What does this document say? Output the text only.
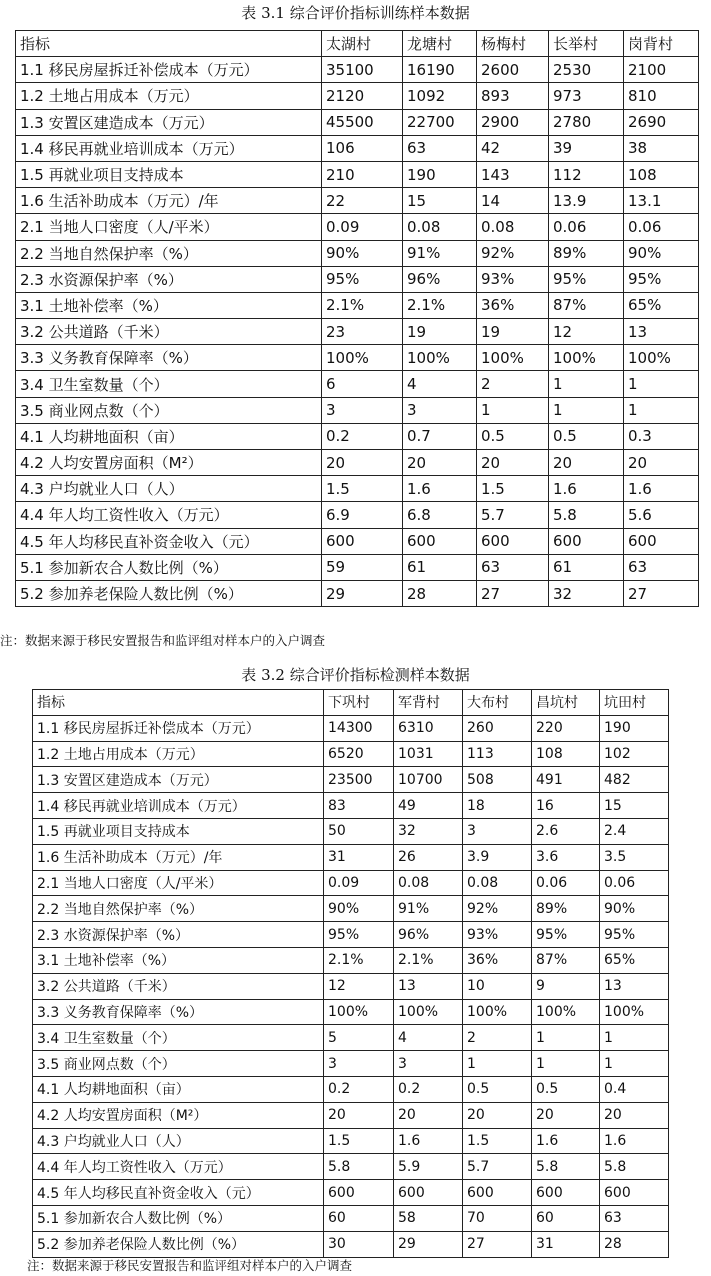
表 3.1 综合评价指标训练样本数据
指标	太湖村	龙塘村	杨梅村	长举村	岗背村
1.1 移民房屋拆迁补偿成本（万元）	35100	16190	2600	2530	2100
1.2 土地占用成本（万元）	2120	1092	893	973	810
1.3 安置区建造成本（万元）	45500	22700	2900	2780	2690
1.4 移民再就业培训成本（万元）	106	63	42	39	38
1.5 再就业项目支持成本	210	190	143	112	108
1.6 生活补助成本（万元）/年	22	15	14	13.9	13.1
2.1 当地人口密度（人/平米）	0.09	0.08	0.08	0.06	0.06
2.2 当地自然保护率（%）	90%	91%	92%	89%	90%
2.3 水资源保护率（%）	95%	96%	93%	95%	95%
3.1 土地补偿率（%）	2.1%	2.1%	36%	87%	65%
3.2 公共道路（千米）	23	19	19	12	13
3.3 义务教育保障率（%）	100%	100%	100%	100%	100%
3.4 卫生室数量（个）	6	4	2	1	1
3.5 商业网点数（个）	3	3	1	1	1
4.1 人均耕地面积（亩）	0.2	0.7	0.5	0.5	0.3
4.2 人均安置房面积（M²）	20	20	20	20	20
4.3 户均就业人口（人）	1.5	1.6	1.5	1.6	1.6
4.4 年人均工资性收入（万元）	6.9	6.8	5.7	5.8	5.6
4.5 年人均移民直补资金收入（元）	600	600	600	600	600
5.1 参加新农合人数比例（%）	59	61	63	61	63
5.2 参加养老保险人数比例（%）	29	28	27	32	27
注：数据来源于移民安置报告和监评组对样本户的入户调查
表 3.2 综合评价指标检测样本数据
指标	下巩村	军背村	大布村	昌坑村	坑田村
1.1 移民房屋拆迁补偿成本（万元）	14300	6310	260	220	190
1.2 土地占用成本（万元）	6520	1031	113	108	102
1.3 安置区建造成本（万元）	23500	10700	508	491	482
1.4 移民再就业培训成本（万元）	83	49	18	16	15
1.5 再就业项目支持成本	50	32	3	2.6	2.4
1.6 生活补助成本（万元）/年	31	26	3.9	3.6	3.5
2.1 当地人口密度（人/平米）	0.09	0.08	0.08	0.06	0.06
2.2 当地自然保护率（%）	90%	91%	92%	89%	90%
2.3 水资源保护率（%）	95%	96%	93%	95%	95%
3.1 土地补偿率（%）	2.1%	2.1%	36%	87%	65%
3.2 公共道路（千米）	12	13	10	9	13
3.3 义务教育保障率（%）	100%	100%	100%	100%	100%
3.4 卫生室数量（个）	5	4	2	1	1
3.5 商业网点数（个）	3	3	1	1	1
4.1 人均耕地面积（亩）	0.2	0.2	0.5	0.5	0.4
4.2 人均安置房面积（M²）	20	20	20	20	20
4.3 户均就业人口（人）	1.5	1.6	1.5	1.6	1.6
4.4 年人均工资性收入（万元）	5.8	5.9	5.7	5.8	5.8
4.5 年人均移民直补资金收入（元）	600	600	600	600	600
5.1 参加新农合人数比例（%）	60	58	70	60	63
5.2 参加养老保险人数比例（%）	30	29	27	31	28
注：数据来源于移民安置报告和监评组对样本户的入户调查
